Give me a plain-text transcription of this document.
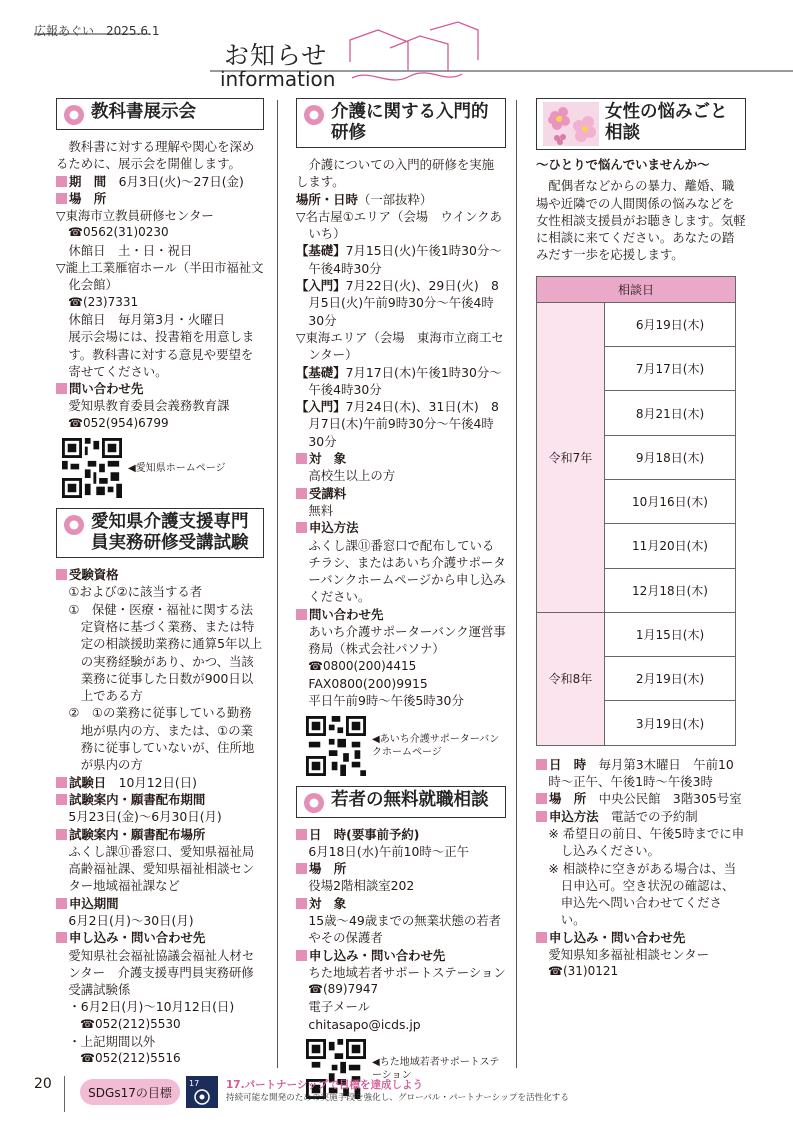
広報あぐい　 2025.6.1
お知らせ
information
教科書展示会
教科書に対する理解や関心を深めるために、展示会を開催します。
期　間　 6月3日(火)～27日(金)
場　所
▽東海市立教員研修センター
☎0562(31)0230
休館日　土・日・祝日
▽瀧上工業雁宿ホール（半田市福祉文化会館）
☎(23)7331
休館日　毎月第3月・火曜日
展示会場には、投書箱を用意します。教科書に対する意見や要望を寄せてください。
問い合わせ先
愛知県教育委員会義務教育課
☎052(954)6799
◀愛知県ホームページ
愛知県介護支援専門員実務研修受講試験
受験資格
①および②に該当する者
①　保健・医療・福祉に関する法定資格に基づく業務、または特定の相談援助業務に通算5年以上の実務経験があり、かつ、当該業務に従事した日数が900日以上である方
②　①の業務に従事している勤務地が県内の方、または、①の業務に従事していないが、住所地が県内の方
試験日　 10月12日(日)
試験案内・願書配布期間
5月23日(金)～6月30日(月)
試験案内・願書配布場所
ふくし課⑪番窓口、愛知県福祉局高齢福祉課、愛知県福祉相談センター地域福祉課など
申込期間
6月2日(月)～30日(月)
申し込み・問い合わせ先
愛知県社会福祉協議会福祉人材センター　介護支援専門員実務研修受講試験係
・6月2日(月)～10月12日(日)
☎052(212)5530
・上記期間以外
☎052(212)5516
介護に関する入門的研修
介護についての入門的研修を実施します。
場所・日時（一部抜粋）
▽名古屋①エリア（会場　ウインクあいち）
【基礎】7月15日(火)午後1時30分～午後4時30分
【入門】7月22日(火)、29日(火)　8月5日(火)午前9時30分～午後4時30分
▽東海エリア（会場　東海市立商工センター）
【基礎】7月17日(木)午後1時30分～午後4時30分
【入門】7月24日(木)、31日(木)　8月7日(木)午前9時30分～午後4時30分
対　象
高校生以上の方
受講料
無料
申込方法
ふくし課⑪番窓口で配布しているチラシ、またはあいち介護サポーターバンクホームページから申し込みください。
問い合わせ先
あいち介護サポーターバンク運営事務局（株式会社パソナ）
☎0800(200)4415
FAX0800(200)9915
平日午前9時～午後5時30分
◀あいち介護サポーターバンクホームページ
若者の無料就職相談
日　時(要事前予約)
6月18日(水)午前10時～正午
場　所
役場2階相談室202
対　象
15歳～49歳までの無業状態の若者やその保護者
申し込み・問い合わせ先
ちた地域若者サポートステーション
☎(89)7947
電子メール
chitasapo@icds.jp
◀ちた地域若者サポートステーション
女性の悩みごと相談
～ひとりで悩んでいませんか～
配偶者などからの暴力、離婚、職場や近隣での人間関係の悩みなどを女性相談支援員がお聴きします。気軽に相談に来てください。あなたの踏みだす一歩を応援します。
相談日	
令和7年	6月19日(木)
	7月17日(木)
	8月21日(木)
	9月18日(木)
	10月16日(木)
	11月20日(木)
	12月18日(木)
令和8年	1月15日(木)
	2月19日(木)
	3月19日(木)
日　時　 毎月第3木曜日　午前10時～正午、午後1時～午後3時
場　所　 中央公民館　3階305号室
申込方法　 電話での予約制
※ 希望日の前日、午後5時までに申し込みください。
※ 相談枠に空きがある場合は、当日申込可。空き状況の確認は、申込先へ問い合わせてください。
申し込み・問い合わせ先
愛知県知多福祉相談センター
☎(31)0121
20
SDGs17の目標
17	17.パートナーシップで目標を達成しよう
持続可能な開発のための実施手段を強化し、グローバル・パートナーシップを活性化する
